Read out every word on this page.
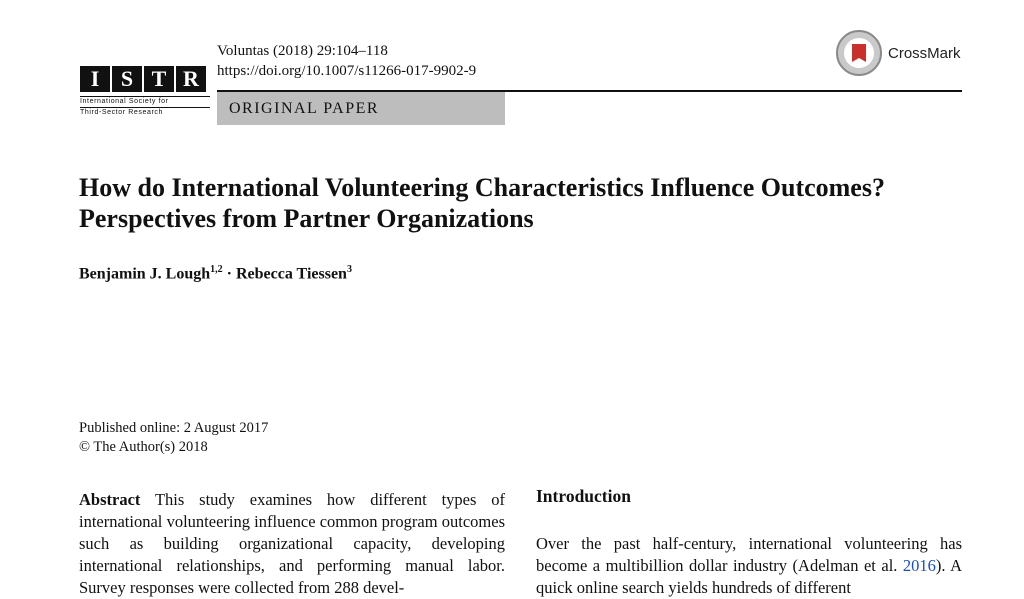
I S T R
International Society for
Third-Sector Research
Voluntas (2018) 29:104–118
https://doi.org/10.1007/s11266-017-9902-9
ORIGINAL PAPER
CrossMark
How do International Volunteering Characteristics Influence Outcomes? Perspectives from Partner Organizations
Benjamin J. Lough$^{1,2}$ · Rebecca Tiessen$^3$
Published online: 2 August 2017
© The Author(s) 2018
Abstract This study examines how different types of international volunteering influence common program outcomes such as building organizational capacity, developing international relationships, and performing manual labor. Survey responses were collected from 288 devel-
Introduction
Over the past half-century, international volunteering has become a multibillion dollar industry (Adelman et al. 2016). A quick online search yields hundreds of different
